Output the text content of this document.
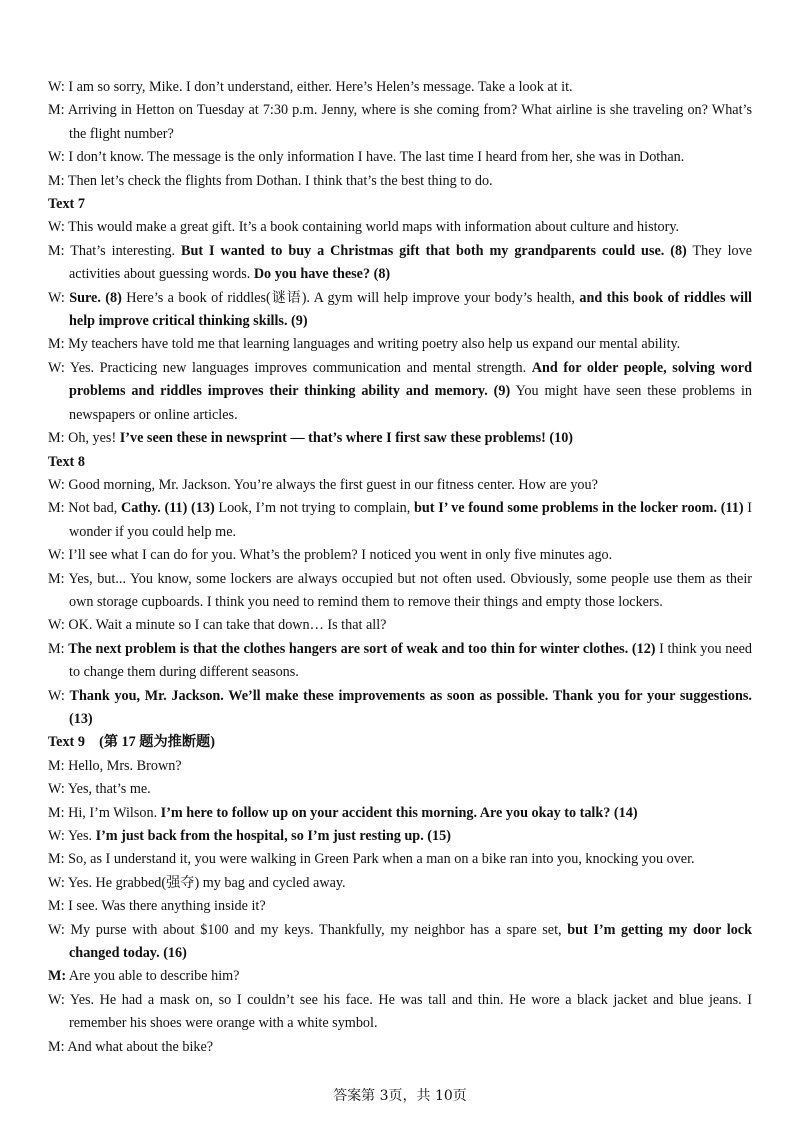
W: I am so sorry, Mike. I don’t understand, either. Here’s Helen’s message. Take a look at it.
M: Arriving in Hetton on Tuesday at 7:30 p.m. Jenny, where is she coming from? What airline is she traveling on? What’s the flight number?
W: I don’t know. The message is the only information I have. The last time I heard from her, she was in Dothan.
M: Then let’s check the flights from Dothan. I think that’s the best thing to do.
Text 7
W: This would make a great gift. It’s a book containing world maps with information about culture and history.
M: That’s interesting. But I wanted to buy a Christmas gift that both my grandparents could use. (8) They love activities about guessing words. Do you have these? (8)
W: Sure. (8) Here’s a book of riddles(谜语). A gym will help improve your body’s health, and this book of riddles will help improve critical thinking skills. (9)
M: My teachers have told me that learning languages and writing poetry also help us expand our mental ability.
W: Yes. Practicing new languages improves communication and mental strength. And for older people, solving word problems and riddles improves their thinking ability and memory. (9) You might have seen these problems in newspapers or online articles.
M: Oh, yes! I’ve seen these in newsprint — that’s where I first saw these problems! (10)
Text 8
W: Good morning, Mr. Jackson. You’re always the first guest in our fitness center. How are you?
M: Not bad, Cathy. (11) (13) Look, I’m not trying to complain, but I’ ve found some problems in the locker room. (11) I wonder if you could help me.
W: I’ll see what I can do for you. What’s the problem? I noticed you went in only five minutes ago.
M: Yes, but... You know, some lockers are always occupied but not often used. Obviously, some people use them as their own storage cupboards. I think you need to remind them to remove their things and empty those lockers.
W: OK. Wait a minute so I can take that down… Is that all?
M: The next problem is that the clothes hangers are sort of weak and too thin for winter clothes. (12) I think you need to change them during different seasons.
W: Thank you, Mr. Jackson. We’ll make these improvements as soon as possible. Thank you for your suggestions. (13)
Text 9　(第 17 题为推断题)
M: Hello, Mrs. Brown?
W: Yes, that’s me.
M: Hi, I’m Wilson. I’m here to follow up on your accident this morning. Are you okay to talk? (14)
W: Yes. I’m just back from the hospital, so I’m just resting up. (15)
M: So, as I understand it, you were walking in Green Park when a man on a bike ran into you, knocking you over.
W: Yes. He grabbed(强夺) my bag and cycled away.
M: I see. Was there anything inside it?
W: My purse with about $100 and my keys. Thankfully, my neighbor has a spare set, but I’m getting my door lock changed today. (16)
M: Are you able to describe him?
W: Yes. He had a mask on, so I couldn’t see his face. He was tall and thin. He wore a black jacket and blue jeans. I remember his shoes were orange with a white symbol.
M: And what about the bike?
答案第 3页，共 10页
